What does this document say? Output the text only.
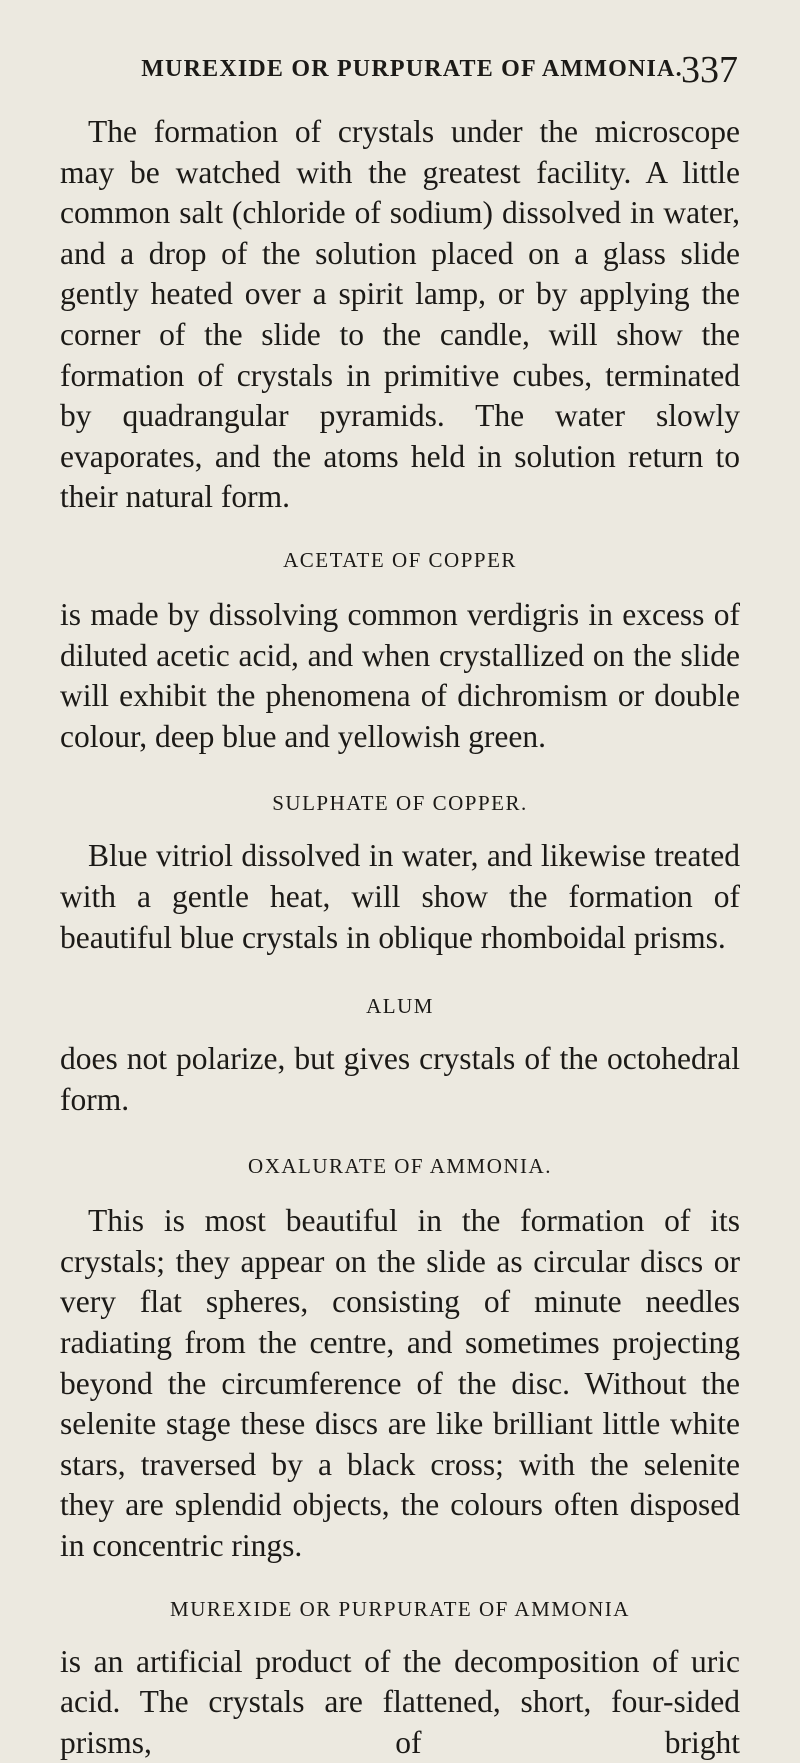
MUREXIDE OR PURPURATE OF AMMONIA.
337

The formation of crystals under the microscope may be watched with the greatest facility. A little common salt (chloride of sodium) dissolved in water, and a drop of the solution placed on a glass slide gently heated over a spirit lamp, or by applying the corner of the slide to the candle, will show the formation of crystals in primitive cubes, terminated by quadrangular pyramids. The water slowly evaporates, and the atoms held in solution return to their natural form.

ACETATE OF COPPER

is made by dissolving common verdigris in excess of diluted acetic acid, and when crystallized on the slide will exhibit the phenomena of dichromism or double colour, deep blue and yellowish green.

SULPHATE OF COPPER.

Blue vitriol dissolved in water, and likewise treated with a gentle heat, will show the formation of beautiful blue crystals in oblique rhomboidal prisms.

ALUM

does not polarize, but gives crystals of the octohedral form.

OXALURATE OF AMMONIA.

This is most beautiful in the formation of its crystals; they appear on the slide as circular discs or very flat spheres, consisting of minute needles radiating from the centre, and sometimes projecting beyond the circumference of the disc. Without the selenite stage these discs are like brilliant little white stars, traversed by a black cross; with the selenite they are splendid objects, the colours often disposed in concentric rings.

MUREXIDE OR PURPURATE OF AMMONIA

is an artificial product of the decomposition of uric acid. The crystals are flattened, short, four-sided prisms, of bright
